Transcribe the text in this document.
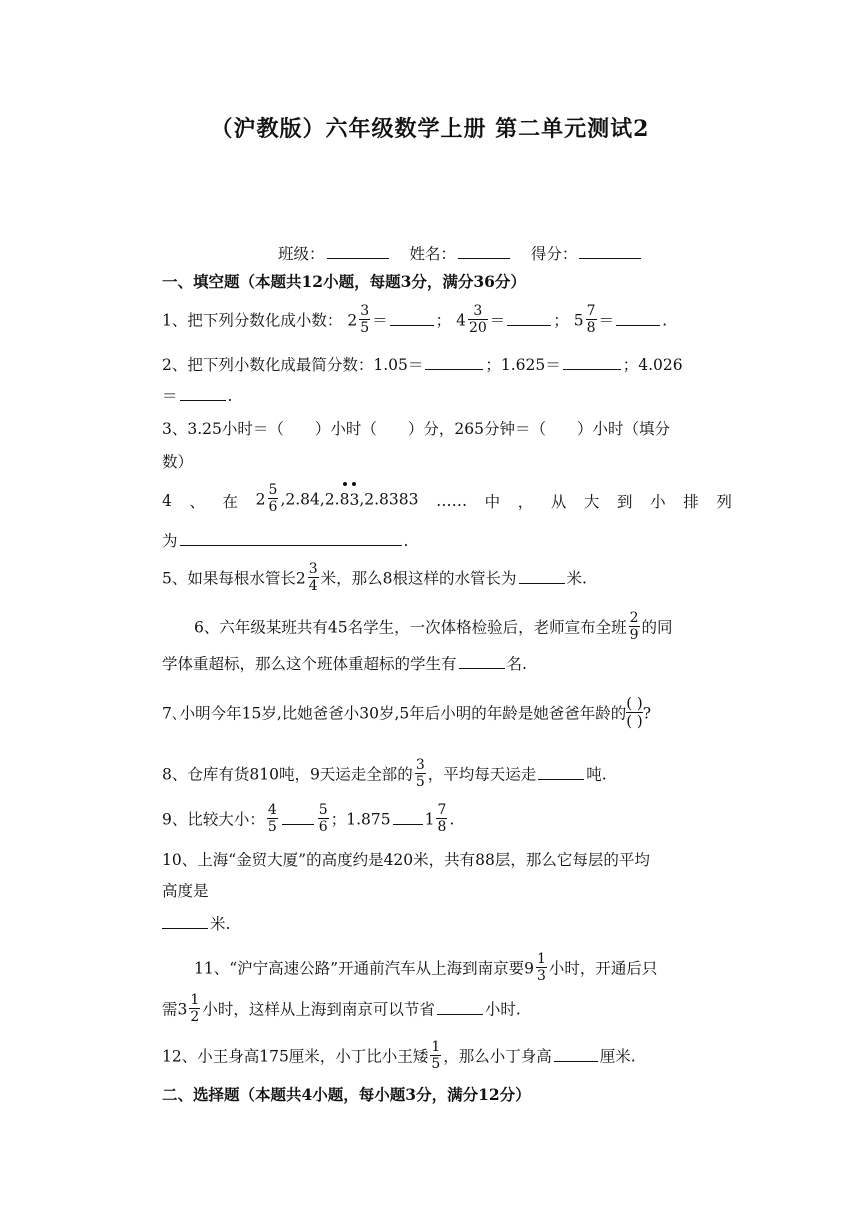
（沪教版）六年级数学上册 第二单元测试2
班级：	姓名：	得分：
一、填空题（本题共12小题，每题3分，满分36分）
1、把下列分数化成小数： $2 \frac{3}{5}$ ＝	； $4 \frac{3}{20}$ ＝	； $5 \frac{7}{8}$ ＝	.
2、把下列小数化成最简分数：1.05＝	；1.625＝	；4.026
＝	.
3、3.25小时＝（　　）小时（　　）分，265分钟＝（　　）小时（填分
数）
4 、 在 $2 \frac{5}{6} ,2.84,2.8$
3,2.8383 …… 中 ， 从 大 到 小 排 列
为	.
5、如果每根水管长$2 \frac{3}{4}$ 米，那么8根这样的水管长为	米.
6、六年级某班共有45名学生，一次体格检验后，老师宣布全班 $\frac{2}{9}$ 的同
学体重超标，那么这个班体重超标的学生有	名.
7､小明今年15岁,比她爸爸小30岁,5年后小明的年龄是她爸爸年龄的 $\frac{( )}{( )}$ ?
8、仓库有货810吨，9天运走全部的 $\frac{3}{5}$ ，平均每天运走	吨.
9、比较大小： $\frac{4}{5}$	$\frac{5}{6}$ ；1.875 $1 \frac{7}{8}$ .
10、上海“金贸大厦”的高度约是420米，共有88层，那么它每层的平均
高度是
米.
11、“沪宁高速公路”开通前汽车从上海到南京要$9 \frac{1}{3}$ 小时，开通后只
需$3 \frac{1}{2}$ 小时，这样从上海到南京可以节省	小时.
12、小王身高175厘米，小丁比小王矮 $\frac{1}{5}$ ，那么小丁身高	厘米.
二、选择题（本题共4小题，每小题3分，满分12分）
